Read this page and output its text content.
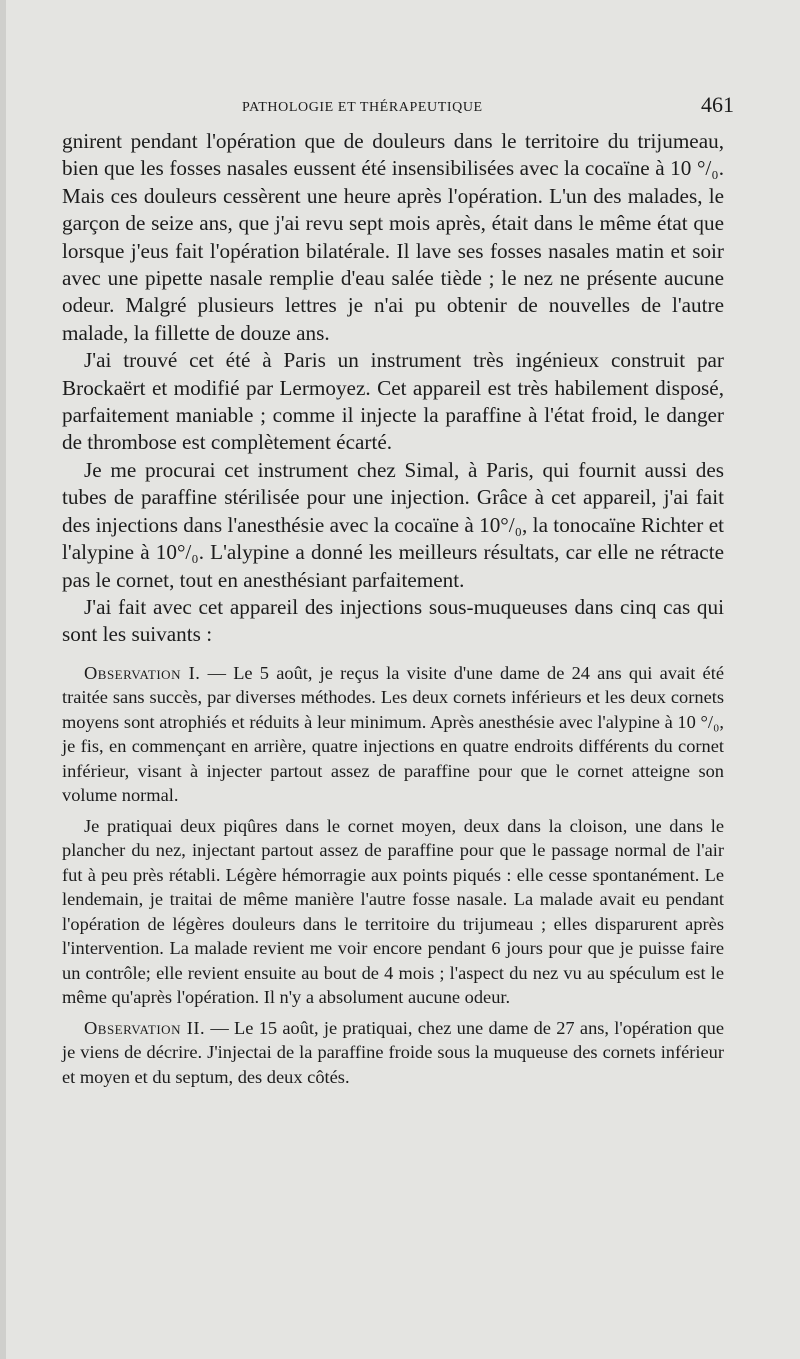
PATHOLOGIE ET THÉRAPEUTIQUE	461

gnirent pendant l'opération que de douleurs dans le territoire du trijumeau, bien que les fosses nasales eussent été insensibilisées avec la cocaïne à 10 °/₀. Mais ces douleurs cessèrent une heure après l'opération. L'un des malades, le garçon de seize ans, que j'ai revu sept mois après, était dans le même état que lorsque j'eus fait l'opération bilatérale. Il lave ses fosses nasales matin et soir avec une pipette nasale remplie d'eau salée tiède ; le nez ne présente aucune odeur. Malgré plusieurs lettres je n'ai pu obtenir de nouvelles de l'autre malade, la fillette de douze ans.

J'ai trouvé cet été à Paris un instrument très ingénieux construit par Brockaërt et modifié par Lermoyez. Cet appareil est très habilement disposé, parfaitement maniable ; comme il injecte la paraffine à l'état froid, le danger de thrombose est complètement écarté.

Je me procurai cet instrument chez Simal, à Paris, qui fournit aussi des tubes de paraffine stérilisée pour une injection. Grâce à cet appareil, j'ai fait des injections dans l'anesthésie avec la cocaïne à 10°/₀, la tonocaïne Richter et l'alypine à 10°/₀. L'alypine a donné les meilleurs résultats, car elle ne rétracte pas le cornet, tout en anesthésiant parfaitement.

J'ai fait avec cet appareil des injections sous-muqueuses dans cinq cas qui sont les suivants :

Observation I. — Le 5 août, je reçus la visite d'une dame de 24 ans qui avait été traitée sans succès, par diverses méthodes. Les deux cornets inférieurs et les deux cornets moyens sont atrophiés et réduits à leur minimum. Après anesthésie avec l'alypine à 10 °/₀, je fis, en commençant en arrière, quatre injections en quatre endroits différents du cornet inférieur, visant à injecter partout assez de paraffine pour que le cornet atteigne son volume normal.

Je pratiquai deux piqûres dans le cornet moyen, deux dans la cloison, une dans le plancher du nez, injectant partout assez de paraffine pour que le passage normal de l'air fut à peu près rétabli. Légère hémorragie aux points piqués : elle cesse spontanément. Le lendemain, je traitai de même manière l'autre fosse nasale. La malade avait eu pendant l'opération de légères douleurs dans le territoire du trijumeau ; elles disparurent après l'intervention. La malade revient me voir encore pendant 6 jours pour que je puisse faire un contrôle; elle revient ensuite au bout de 4 mois ; l'aspect du nez vu au spéculum est le même qu'après l'opération. Il n'y a absolument aucune odeur.

Observation II. — Le 15 août, je pratiquai, chez une dame de 27 ans, l'opération que je viens de décrire. J'injectai de la paraffine froide sous la muqueuse des cornets inférieur et moyen et du septum, des deux côtés.
